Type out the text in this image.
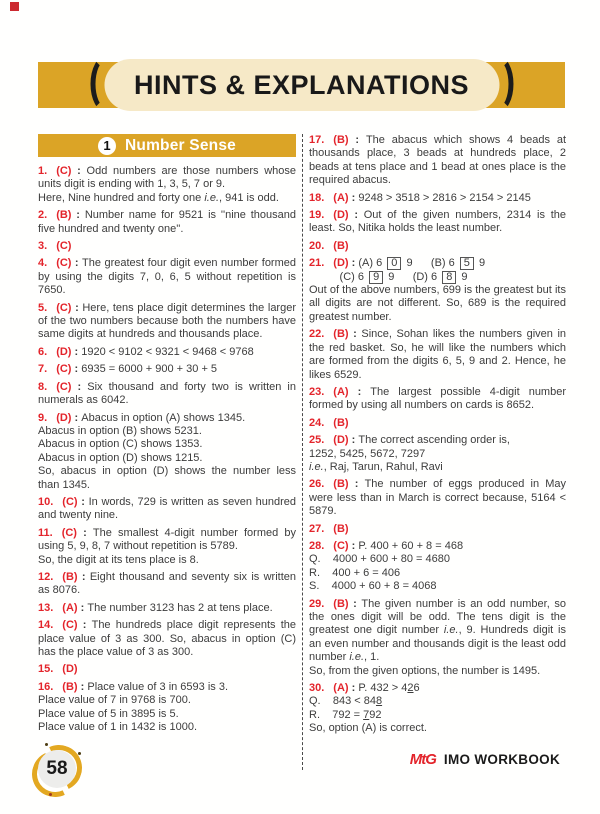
HINTS & EXPLANATIONS
1 Number Sense
1. (C) : Odd numbers are those numbers whose units digit is ending with 1, 3, 5, 7 or 9.
Here, Nine hundred and forty one i.e., 941 is odd.
2. (B) : Number name for 9521 is ''nine thousand five hundred and twenty one''.
3. (C)
4. (C) : The greatest four digit even number formed by using the digits 7, 0, 6, 5 without repetition is 7650.
5. (C) : Here, tens place digit determines the larger of the two numbers because both the numbers have same digits at hundreds and thousands place.
6. (D) : 1920 < 9102 < 9321 < 9468 < 9768
7. (C) : 6935 = 6000 + 900 + 30 + 5
8. (C) : Six thousand and forty two is written in numerals as 6042.
9. (D) : Abacus in option (A) shows 1345.
Abacus in option (B) shows 5231.
Abacus in option (C) shows 1353.
Abacus in option (D) shows 1215.
So, abacus in option (D) shows the number less than 1345.
10. (C) : In words, 729 is written as seven hundred and twenty nine.
11. (C) : The smallest 4-digit number formed by using 5, 9, 8, 7 without repetition is 5789.
So, the digit at its tens place is 8.
12. (B) : Eight thousand and seventy six is written as 8076.
13. (A) : The number 3123 has 2 at tens place.
14. (C) : The hundreds place digit represents the place value of 3 as 300. So, abacus in option (C) has the place value of 3 as 300.
15. (D)
16. (B) : Place value of 3 in 6593 is 3.
Place value of 7 in 9768 is 700.
Place value of 5 in 3895 is 5.
Place value of 1 in 1432 is 1000.
17. (B) : The abacus which shows 4 beads at thousands place, 3 beads at hundreds place, 2 beads at tens place and 1 bead at ones place is the required abacus.
18. (A) : 9248 > 3518 > 2816 > 2154 > 2145
19. (D) : Out of the given numbers, 2314 is the least. So, Nitika holds the least number.
20. (B)
21. (D) : (A) 6 0 9      (B) 6 5 9
(C) 6 9 9      (D) 6 8 9
Out of the above numbers, 699 is the greatest but its all digits are not different. So, 689 is the required greatest number.
22. (B) : Since, Sohan likes the numbers given in the red basket. So, he will like the numbers which are formed from the digits 6, 5, 9 and 2. Hence, he likes 6529.
23. (A) : The largest possible 4-digit number formed by using all numbers on cards is 8652.
24. (B)
25. (D) : The correct ascending order is,
1252, 5425, 5672, 7297
i.e., Raj, Tarun, Rahul, Ravi
26. (B) : The number of eggs produced in May were less than in March is correct because, 5164 < 5879.
27. (B)
28. (C) : P. 400 + 60 + 8 = 468
Q.    4000 + 600 + 80 = 4680
R.    400 + 6 = 406
S.    4000 + 60 + 8 = 4068
29. (B) : The given number is an odd number, so the ones digit will be odd. The tens digit is the greatest one digit number i.e., 9. Hundreds digit is an even number and thousands digit is the least odd number i.e., 1.
So, from the given options, the number is 1495.
30. (A) : P. 432 > 426
Q.    843 < 848
R.    792 = 792
So, option (A) is correct.
58	MtG IMO WORKBOOK
